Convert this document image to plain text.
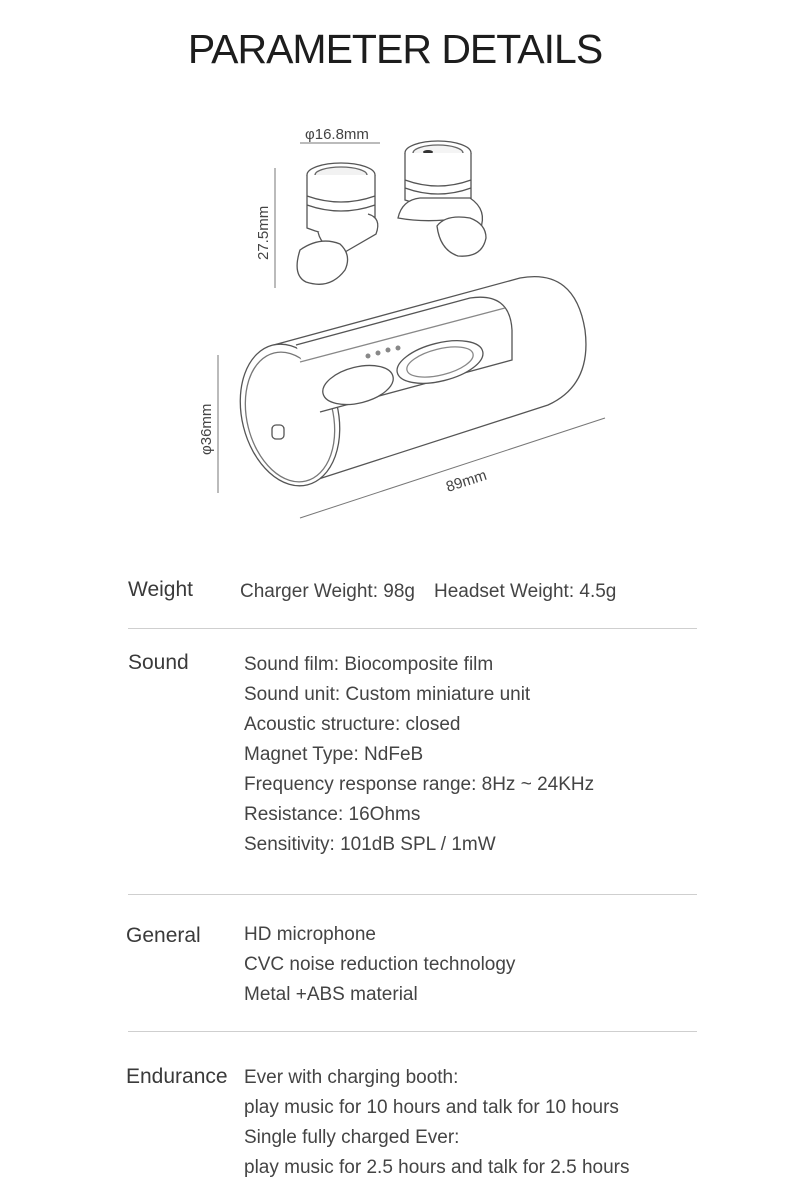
PARAMETER DETAILS
φ16.8mm
27.5mm
φ36mm
89mm
Weight Charger Weight: 98g Headset Weight: 4.5g
Sound	Sound film: Biocomposite film
Sound unit: Custom miniature unit
Acoustic structure: closed
Magnet Type: NdFeB
Frequency response range: 8Hz ~ 24KHz
Resistance: 16Ohms
Sensitivity: 101dB SPL / 1mW
General HD microphone
CVC noise reduction technology
Metal +ABS material
Endurance Ever with charging booth:
play music for 10 hours and talk for 10 hours
Single fully charged Ever:
play music for 2.5 hours and talk for 2.5 hours
